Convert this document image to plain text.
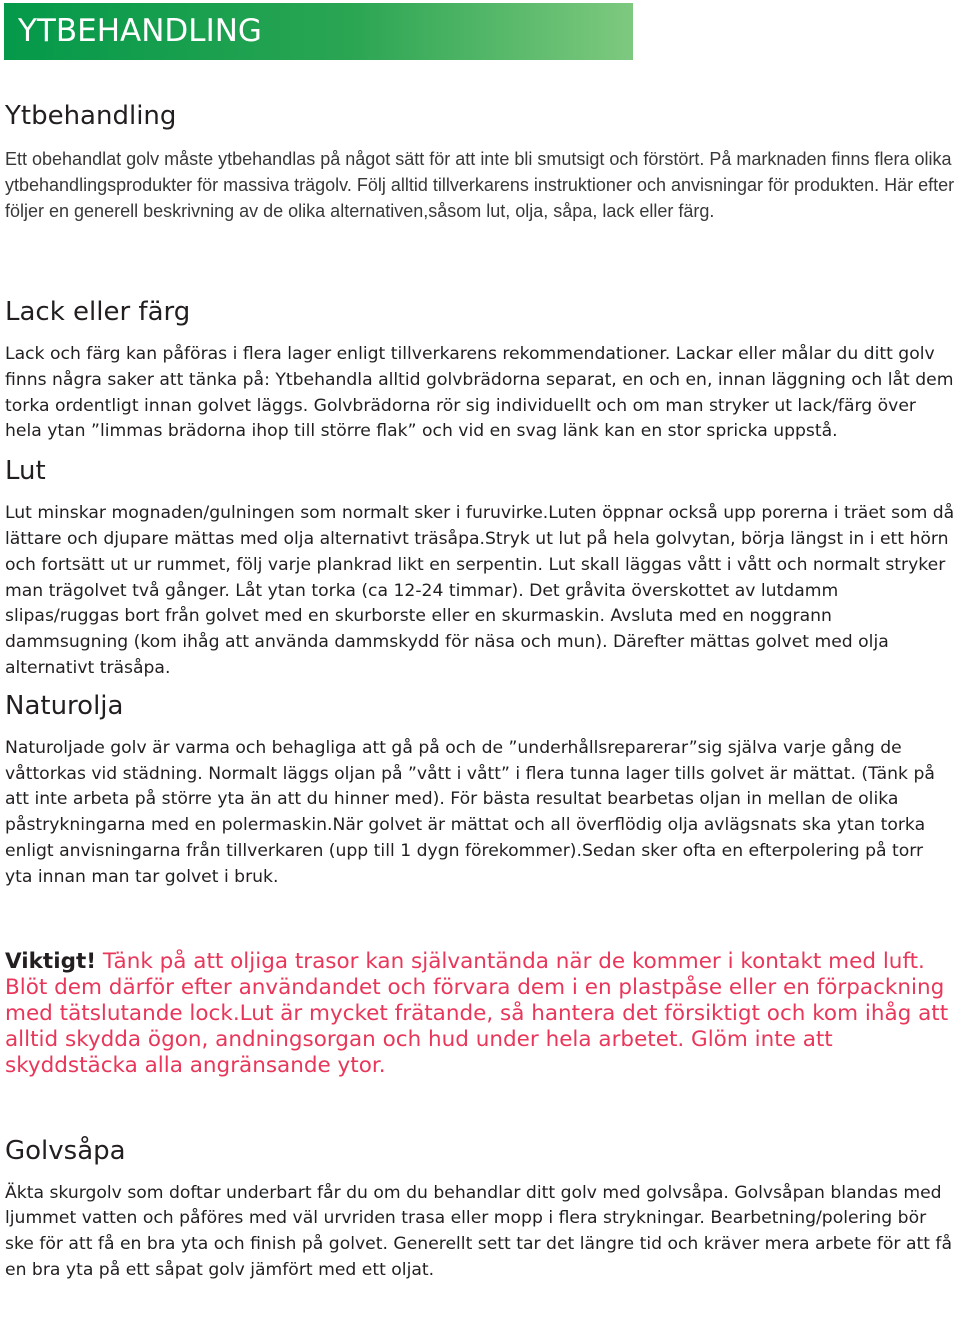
YTBEHANDLING
Ytbehandling

Ett obehandlat golv måste ytbehandlas på något sätt för att inte bli smutsigt och förstört. På marknaden finns flera olika ytbehandlingsprodukter för massiva trägolv. Följ alltid tillverkarens instruktioner och anvisningar för produkten. Här efter följer en generell beskrivning av de olika alternativen,såsom lut, olja, såpa, lack eller färg.

Lack eller färg

Lack och färg kan påföras i flera lager enligt tillverkarens rekommendationer. Lackar eller målar du ditt golv finns några saker att tänka på: Ytbehandla alltid golvbrädorna separat, en och en, innan läggning och låt dem torka ordentligt innan golvet läggs. Golvbrädorna rör sig individuellt och om man stryker ut lack/färg över hela ytan ”limmas brädorna ihop till större flak” och vid en svag länk kan en stor spricka uppstå.

Lut

Lut minskar mognaden/gulningen som normalt sker i furuvirke.Luten öppnar också upp porerna i träet som då lättare och djupare mättas med olja alternativt träsåpa.Stryk ut lut på hela golvytan, börja längst in i ett hörn och fortsätt ut ur rummet, följ varje plankrad likt en serpentin. Lut skall läggas vått i vått och normalt stryker man trägolvet två gånger. Låt ytan torka (ca 12-24 timmar). Det gråvita överskottet av lutdamm slipas/ruggas bort från golvet med en skurborste eller en skurmaskin. Avsluta med en noggrann dammsugning (kom ihåg att använda dammskydd för näsa och mun). Därefter mättas golvet med olja alternativt träsåpa.

Naturolja

Naturoljade golv är varma och behagliga att gå på och de ”underhållsreparerar”sig själva varje gång de våttorkas vid städning. Normalt läggs oljan på ”vått i vått” i flera tunna lager tills golvet är mättat. (Tänk på att inte arbeta på större yta än att du hinner med). För bästa resultat bearbetas oljan in mellan de olika påstrykningarna med en polermaskin.När golvet är mättat och all överflödig olja avlägsnats ska ytan torka enligt anvisningarna från tillverkaren (upp till 1 dygn förekommer).Sedan sker ofta en efterpolering på torr yta innan man tar golvet i bruk.

Viktigt! Tänk på att oljiga trasor kan självantända när de kommer i kontakt med luft. Blöt dem därför efter användandet och förvara dem i en plastpåse eller en förpackning med tätslutande lock.Lut är mycket frätande, så hantera det försiktigt och kom ihåg att alltid skydda ögon, andningsorgan och hud under hela arbetet. Glöm inte att skyddstäcka alla angränsande ytor.

Golvsåpa

Äkta skurgolv som doftar underbart får du om du behandlar ditt golv med golvsåpa. Golvsåpan blandas med ljummet vatten och påföres med väl urvriden trasa eller mopp i flera strykningar. Bearbetning/polering bör ske för att få en bra yta och finish på golvet. Generellt sett tar det längre tid och kräver mera arbete för att få en bra yta på ett såpat golv jämfört med ett oljat.
